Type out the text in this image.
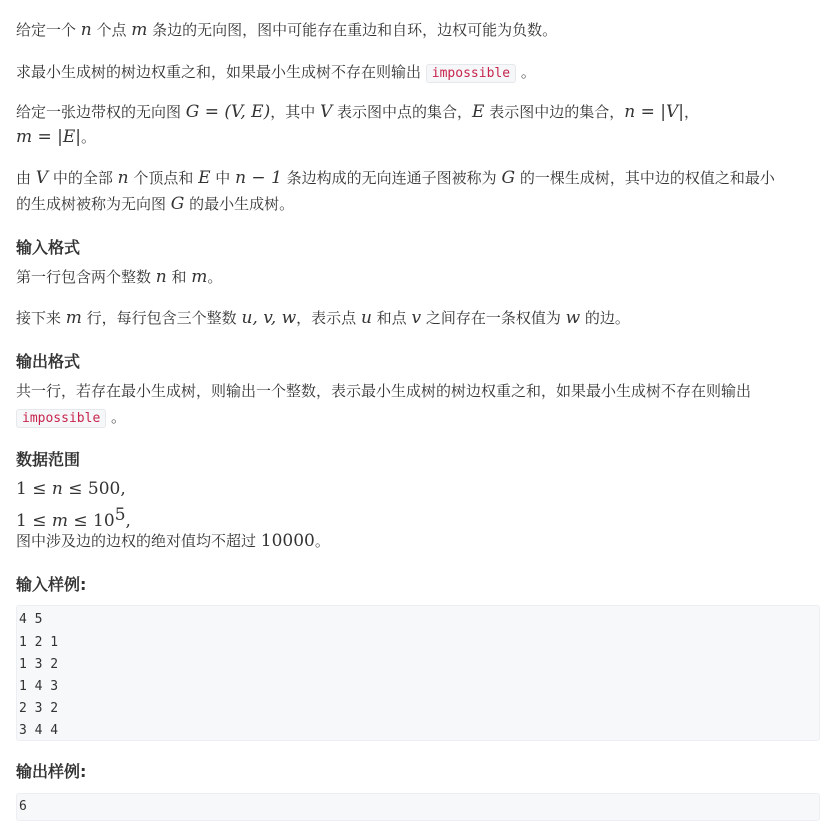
给定一个 n 个点 m 条边的无向图，图中可能存在重边和自环，边权可能为负数。
求最小生成树的树边权重之和，如果最小生成树不存在则输出 impossible 。
给定一张边带权的无向图 G = (V, E)，其中 V 表示图中点的集合，E 表示图中边的集合，n = |V|，
m = |E|。
由 V 中的全部 n 个顶点和 E 中 n − 1 条边构成的无向连通子图被称为 G 的一棵生成树，其中边的权值之和最小
的生成树被称为无向图 G 的最小生成树。
输入格式
第一行包含两个整数 n 和 m。
接下来 m 行，每行包含三个整数 u, v, w，表示点 u 和点 v 之间存在一条权值为 w 的边。
输出格式
共一行，若存在最小生成树，则输出一个整数，表示最小生成树的树边权重之和，如果最小生成树不存在则输出
impossible 。
数据范围
1 ≤ n ≤ 500,
$1 \le m \le 10^5$,
图中涉及边的边权的绝对值均不超过 10000。
输入样例:
4 5
1 2 1
1 3 2
1 4 3
2 3 2
3 4 4
输出样例:
6
